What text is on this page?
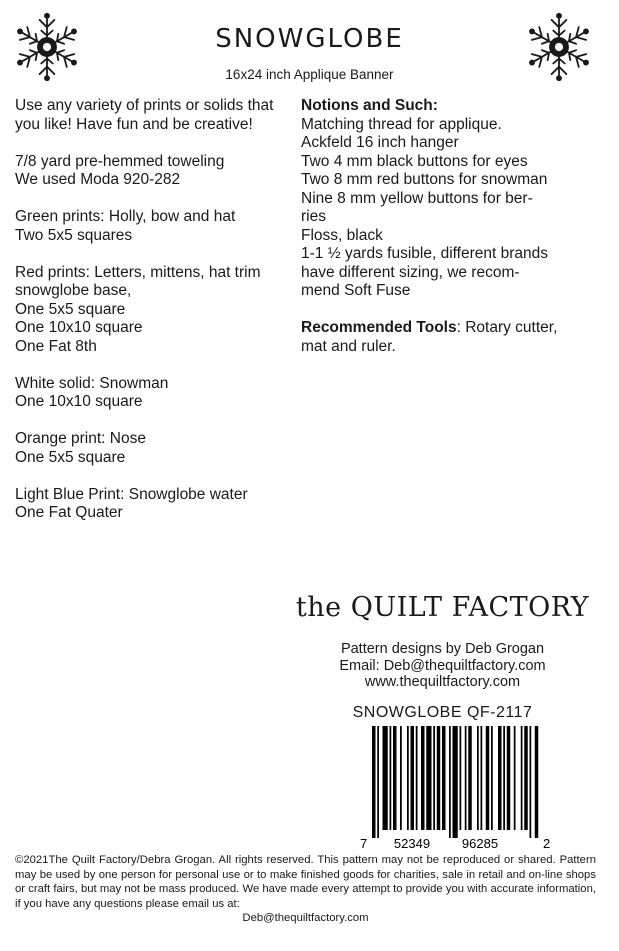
SNOWGLOBE
16x24 inch Applique Banner
Use any variety of prints or solids that
you like! Have fun and be creative!
7/8 yard pre-hemmed toweling
We used Moda 920-282
Green prints: Holly, bow and hat
Two 5x5 squares
Red prints: Letters, mittens, hat trim
snowglobe base,
One 5x5 square
One 10x10 square
One Fat 8th
White solid: Snowman
One 10x10 square
Orange print: Nose
One 5x5 square
Light Blue Print: Snowglobe water
One Fat Quater
Notions and Such:
Matching thread for applique.
Ackfeld 16 inch hanger
Two 4 mm black buttons for eyes
Two 8 mm red buttons for snowman
Nine 8 mm yellow buttons for ber-
ries
Floss, black
1-1 ½ yards fusible, different brands
have different sizing, we recom-
mend Soft Fuse
Recommended Tools: Rotary cutter,
mat and ruler.
the QUILT FACTORY
Pattern designs by Deb Grogan
Email: Deb@thequiltfactory.com
www.thequiltfactory.com
SNOWGLOBE QF-2117
7 52349 96285	2
©2021The Quilt Factory/Debra Grogan. All rights reserved. This pattern may not be reproduced or shared. Pattern may be used by one person for personal use or to make finished goods for charities, sale in retail and on-line shops or craft fairs, but may not be mass produced. We have made every attempt to provide you with accurate information, if you have any questions please email us at:
Deb@thequiltfactory.com
